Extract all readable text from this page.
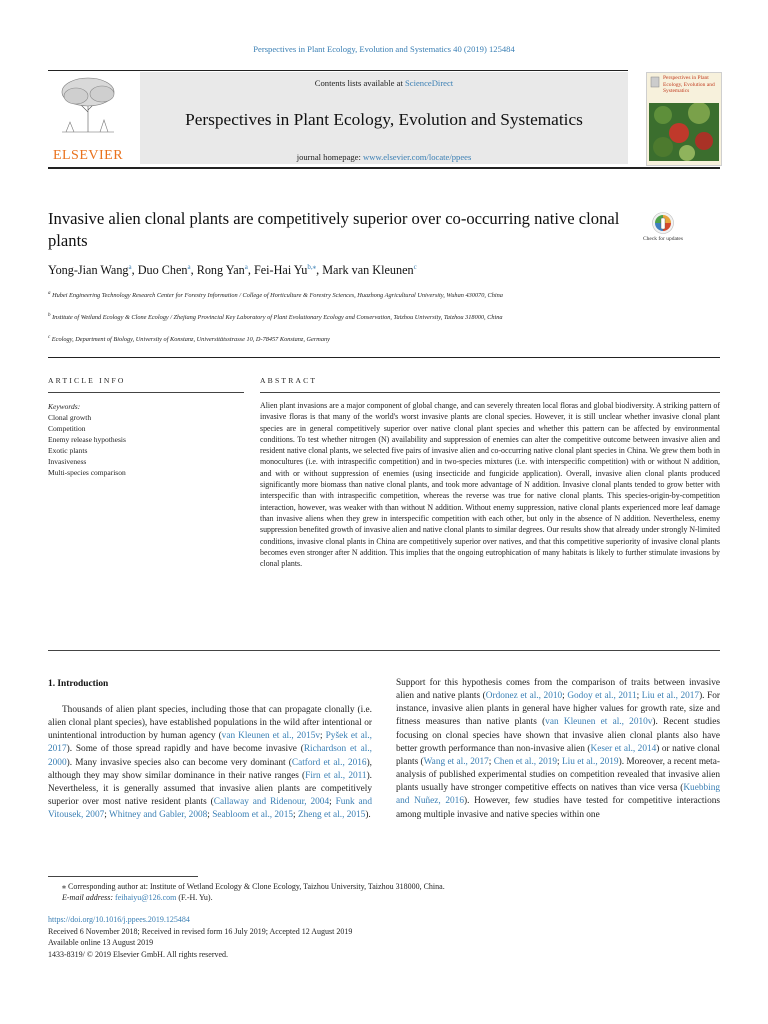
Perspectives in Plant Ecology, Evolution and Systematics 40 (2019) 125484
ELSEVIER
Contents lists available at ScienceDirect
Perspectives in Plant Ecology, Evolution and Systematics
journal homepage: www.elsevier.com/locate/ppees
Perspectives in Plant Ecology, Evolution and Systematics
Invasive alien clonal plants are competitively superior over co-occurring native clonal plants	Check for updates
Yong-Jian Wang$^a$, Duo Chen$^a$, Rong Yan$^a$, Fei-Hai $Yu^{b,⁎}$, Mark van Kleunen$^c$
$^a$ Hubei Engineering Technology Research Center for Forestry Information / College of Horticulture & Forestry Sciences, Huazhong Agricultural University, Wuhan 430070, China
$^b$ Institute of Wetland Ecology & Clone Ecology / Zhejiang Provincial Key Laboratory of Plant Evolutionary Ecology and Conservation, Taizhou University, Taizhou 318000, China
$^c$ Ecology, Department of Biology, University of Konstanz, Universitätsstrasse 10, D-78457 Konstanz, Germany
ARTICLE INFO	ABSTRACT
Keywords:
Clonal growth
Competition
Enemy release hypothesis
Exotic plants
Invasiveness
Multi-species comparison
Alien plant invasions are a major component of global change, and can severely threaten local floras and global biodiversity. A striking pattern of invasive floras is that many of the world's worst invasive plants are clonal species. However, it is still unclear whether invasive clonal plant species are in general competitively superior over native clonal plant species and whether this pattern can be affected by environmental conditions. To test whether nitrogen (N) availability and suppression of enemies can alter the competitive outcome between invasive alien and resident native clonal plants, we selected five pairs of invasive alien and co-occurring native clonal plant species in China. We grew them both in monocultures (i.e. with intraspecific competition) and in two-species mixtures (i.e. with interspecific competition) with or without N addition, and with or without suppression of enemies (using insecticide and fungicide application). Overall, invasive alien clonal plants produced significantly more biomass than native clonal plants, and took more advantage of N addition. Invasive clonal plants tended to grow better with interspecific than with intraspecific competition, whereas the reverse was true for native clonal plants. This species-origin-by-competition interaction, however, was weaker with than without N addition. Without enemy suppression, native clonal plants experienced more leaf damage than invasive aliens when they grew in interspecific competition with each other, but only in the absence of N addition. Nevertheless, enemy suppression benefited growth of invasive alien and native clonal plants to similar degrees. Our results show that already under strongly N-limited conditions, invasive clonal plants in China are competitively superior over natives, and that this competitive superiority of invasive clonal plants becomes even stronger after N addition. This implies that the ongoing eutrophication of many habitats is likely to further stimulate invasions by clonal plants.
1. Introduction
Thousands of alien plant species, including those that can propagate clonally (i.e. alien clonal plant species), have established populations in the wild after intentional or unintentional introduction by human agency (van Kleunen et al., 2015v; Pyšek et al., 2017). Some of those spread rapidly and have become invasive (Richardson et al., 2000). Many invasive species also can become very dominant (Catford et al., 2016), although they may show similar dominance in their native ranges (Firn et al., 2011). Nevertheless, it is generally assumed that invasive alien plants are competitively superior over most native resident plants (Callaway and Ridenour, 2004; Funk and Vitousek, 2007; Whitney and Gabler, 2008; Seabloom et al., 2015; Zheng et al., 2015).
Support for this hypothesis comes from the comparison of traits between invasive alien and native plants (Ordonez et al., 2010; Godoy et al., 2011; Liu et al., 2017). For instance, invasive alien plants in general have higher values for growth rate, size and fitness measures than native plants (van Kleunen et al., 2010v). Recent studies focusing on clonal species have shown that invasive alien clonal plants also have better growth performance than non-invasive alien (Keser et al., 2014) or native clonal plants (Wang et al., 2017; Chen et al., 2019; Liu et al., 2019). Moreover, a recent meta-analysis of published experimental studies on competition revealed that invasive alien plants usually have stronger competitive effects on natives than vice versa (Kuebbing and Nuñez, 2016). However, few studies have tested for competitive interactions among multiple invasive and native species within one
⁎ Corresponding author at: Institute of Wetland Ecology & Clone Ecology, Taizhou University, Taizhou 318000, China.
E-mail address: feihaiyu@126.com (F.-H. Yu).
https://doi.org/10.1016/j.ppees.2019.125484
Received 6 November 2018; Received in revised form 16 July 2019; Accepted 12 August 2019
Available online 13 August 2019
1433-8319/ © 2019 Elsevier GmbH. All rights reserved.
